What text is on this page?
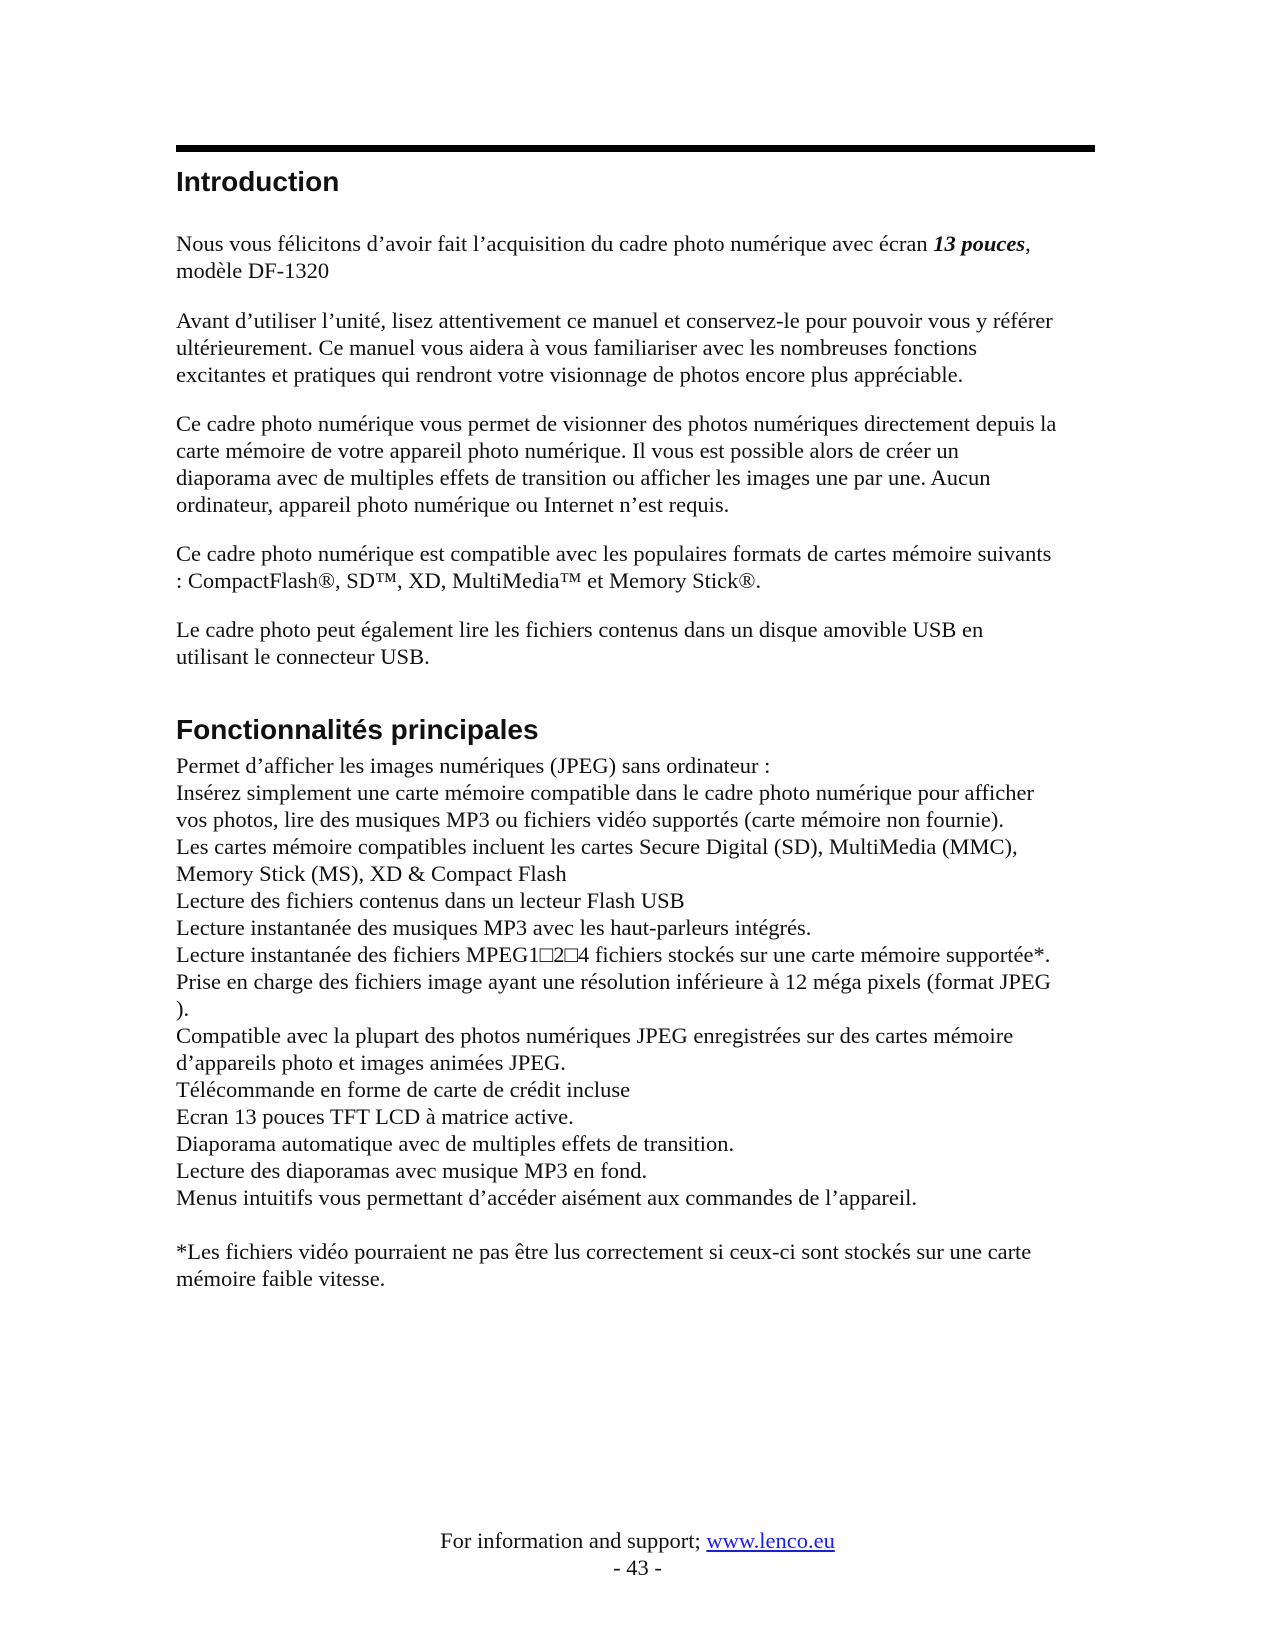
Introduction

Nous vous félicitons d’avoir fait l’acquisition du cadre photo numérique avec écran 13 pouces,
modèle DF-1320

Avant d’utiliser l’unité, lisez attentivement ce manuel et conservez-le pour pouvoir vous y référer
ultérieurement. Ce manuel vous aidera à vous familiariser avec les nombreuses fonctions
excitantes et pratiques qui rendront votre visionnage de photos encore plus appréciable.

Ce cadre photo numérique vous permet de visionner des photos numériques directement depuis la
carte mémoire de votre appareil photo numérique. Il vous est possible alors de créer un
diaporama avec de multiples effets de transition ou afficher les images une par une. Aucun
ordinateur, appareil photo numérique ou Internet n’est requis.

Ce cadre photo numérique est compatible avec les populaires formats de cartes mémoire suivants
: CompactFlash®, SD™, XD, MultiMedia™ et Memory Stick®.

Le cadre photo peut également lire les fichiers contenus dans un disque amovible USB en
utilisant le connecteur USB.

Fonctionnalités principales
Permet d’afficher les images numériques (JPEG) sans ordinateur :
Insérez simplement une carte mémoire compatible dans le cadre photo numérique pour afficher
vos photos, lire des musiques MP3 ou fichiers vidéo supportés (carte mémoire non fournie).
Les cartes mémoire compatibles incluent les cartes Secure Digital (SD), MultiMedia (MMC),
Memory Stick (MS), XD & Compact Flash
Lecture des fichiers contenus dans un lecteur Flash USB
Lecture instantanée des musiques MP3 avec les haut-parleurs intégrés.
Lecture instantanée des fichiers MPEG1□2□4 fichiers stockés sur une carte mémoire supportée*.
Prise en charge des fichiers image ayant une résolution inférieure à 12 méga pixels (format JPEG
).
Compatible avec la plupart des photos numériques JPEG enregistrées sur des cartes mémoire
d’appareils photo et images animées JPEG.
Télécommande en forme de carte de crédit incluse
Ecran 13 pouces TFT LCD à matrice active.
Diaporama automatique avec de multiples effets de transition.
Lecture des diaporamas avec musique MP3 en fond.
Menus intuitifs vous permettant d’accéder aisément aux commandes de l’appareil.
*Les fichiers vidéo pourraient ne pas être lus correctement si ceux-ci sont stockés sur une carte
mémoire faible vitesse.
For information and support; www.lenco.eu
- 43 -
